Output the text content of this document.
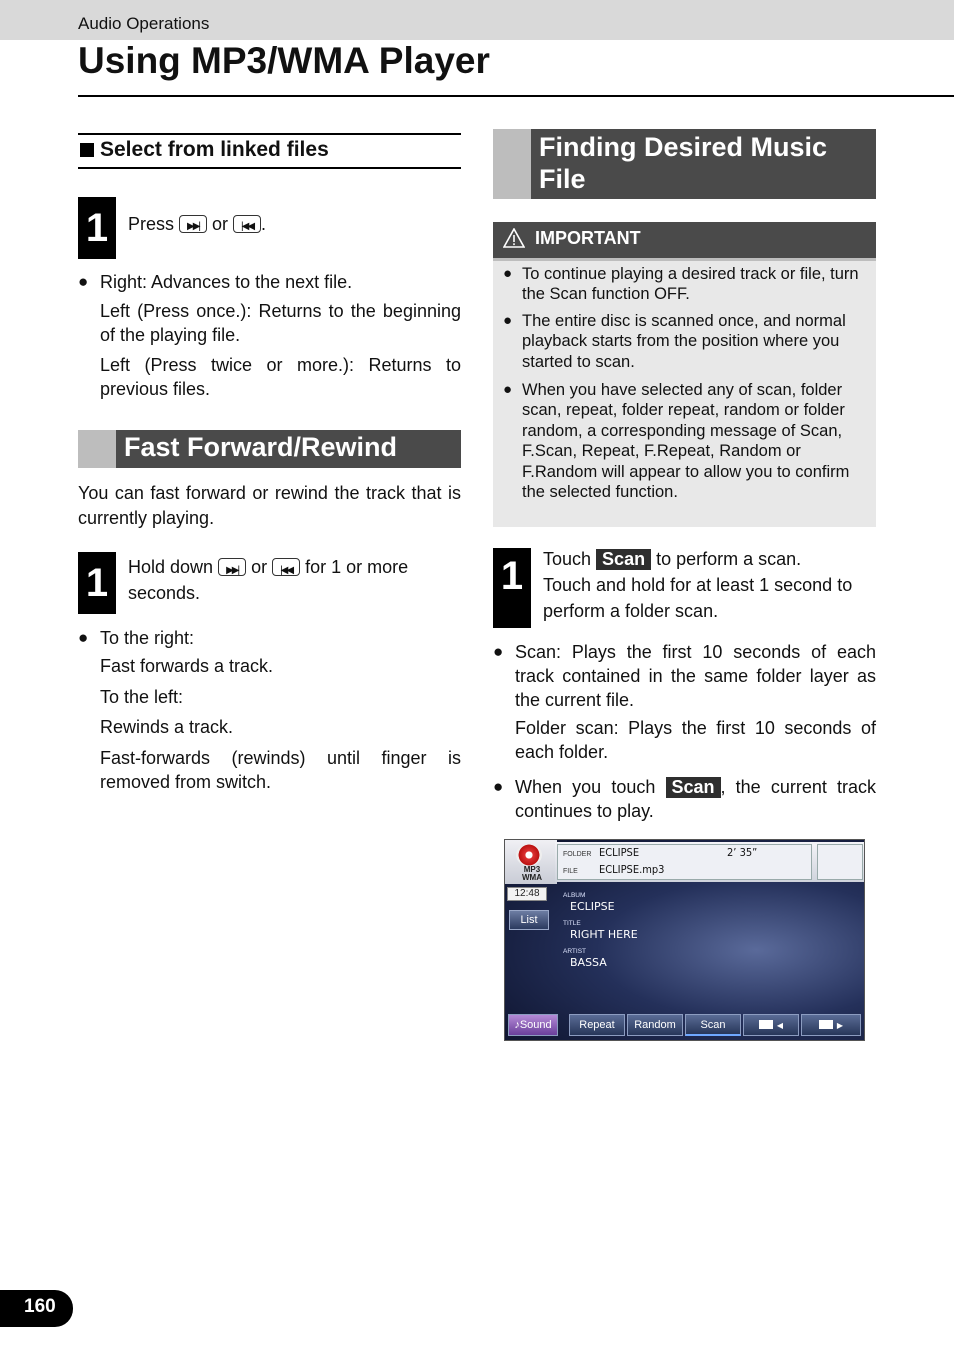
Audio Operations
Using MP3/WMA Player
Select from linked files
1	Press ▶▶| or |◀◀ .
● Right: Advances to the next file.
Left (Press once.): Returns to the beginning of the playing file.
Left (Press twice or more.): Returns to previous files.
Fast Forward/Rewind
You can fast forward or rewind the track that is currently playing.
1	Hold down ▶▶| or |◀◀ for 1 or more
seconds.
● To the right:
Fast forwards a track.
To the left:
Rewinds a track.
Fast-forwards (rewinds) until finger is removed from switch.
Finding Desired Music File
IMPORTANT
● To continue playing a desired track or file, turn the Scan function OFF.
● The entire disc is scanned once, and normal playback starts from the position where you started to scan.
● When you have selected any of scan, folder scan, repeat, folder repeat, random or folder random, a corresponding message of Scan, F.Scan, Repeat, F.Repeat, Random or F.Random will appear to allow you to confirm the selected function.
1	Touch Scan to perform a scan.
Touch and hold for at least 1 second to
perform a folder scan.
● Scan: Plays the first 10 seconds of each track contained in the same folder layer as the current file.
Folder scan: Plays the first 10 seconds of each folder.
● When you touch Scan , the current track continues to play.
MP3 WMA
FOLDER ECLIPSE	2’ 35”
FILE ECLIPSE.mp3
12:48
List
ALBUM
ECLIPSE
TITLE
RIGHT HERE
ARTIST
BASSA
♪Sound	Repeat	Random	Scan	◀	▶
160
